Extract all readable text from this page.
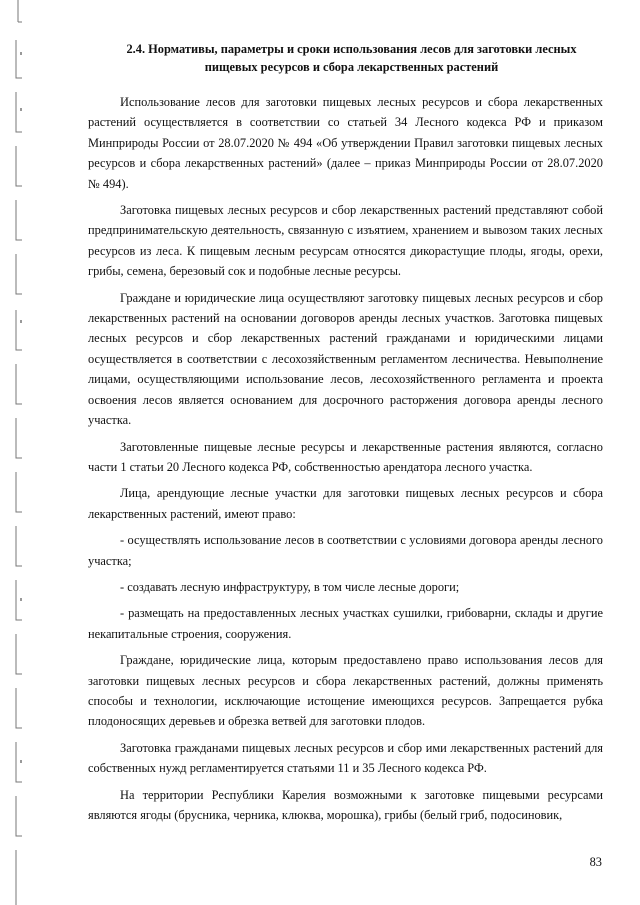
2.4. Нормативы, параметры и сроки использования лесов для заготовки лесных пищевых ресурсов и сбора лекарственных растений

Использование лесов для заготовки пищевых лесных ресурсов и сбора лекарственных растений осуществляется в соответствии со статьей 34 Лесного кодекса РФ и приказом Минприроды России от 28.07.2020 № 494 «Об утверждении Правил заготовки пищевых лесных ресурсов и сбора лекарственных растений» (далее – приказ Минприроды России от 28.07.2020 № 494).

Заготовка пищевых лесных ресурсов и сбор лекарственных растений представляют собой предпринимательскую деятельность, связанную с изъятием, хранением и вывозом таких лесных ресурсов из леса. К пищевым лесным ресурсам относятся дикорастущие плоды, ягоды, орехи, грибы, семена, березовый сок и подобные лесные ресурсы.

Граждане и юридические лица осуществляют заготовку пищевых лесных ресурсов и сбор лекарственных растений на основании договоров аренды лесных участков. Заготовка пищевых лесных ресурсов и сбор лекарственных растений гражданами и юридическими лицами осуществляется в соответствии с лесохозяйственным регламентом лесничества. Невыполнение лицами, осуществляющими использование лесов, лесохозяйственного регламента и проекта освоения лесов является основанием для досрочного расторжения договора аренды лесного участка.

Заготовленные пищевые лесные ресурсы и лекарственные растения являются, согласно части 1 статьи 20 Лесного кодекса РФ, собственностью арендатора лесного участка.

Лица, арендующие лесные участки для заготовки пищевых лесных ресурсов и сбора лекарственных растений, имеют право:

- осуществлять использование лесов в соответствии с условиями договора аренды лесного участка;

- создавать лесную инфраструктуру, в том числе лесные дороги;

- размещать на предоставленных лесных участках сушилки, грибоварни, склады и другие некапитальные строения, сооружения.

Граждане, юридические лица, которым предоставлено право использования лесов для заготовки пищевых лесных ресурсов и сбора лекарственных растений, должны применять способы и технологии, исключающие истощение имеющихся ресурсов. Запрещается рубка плодоносящих деревьев и обрезка ветвей для заготовки плодов.

Заготовка гражданами пищевых лесных ресурсов и сбор ими лекарственных растений для собственных нужд регламентируется статьями 11 и 35 Лесного кодекса РФ.

На территории Республики Карелия возможными к заготовке пищевыми ресурсами являются ягоды (брусника, черника, клюква, морошка), грибы (белый гриб, подосиновик,

83
